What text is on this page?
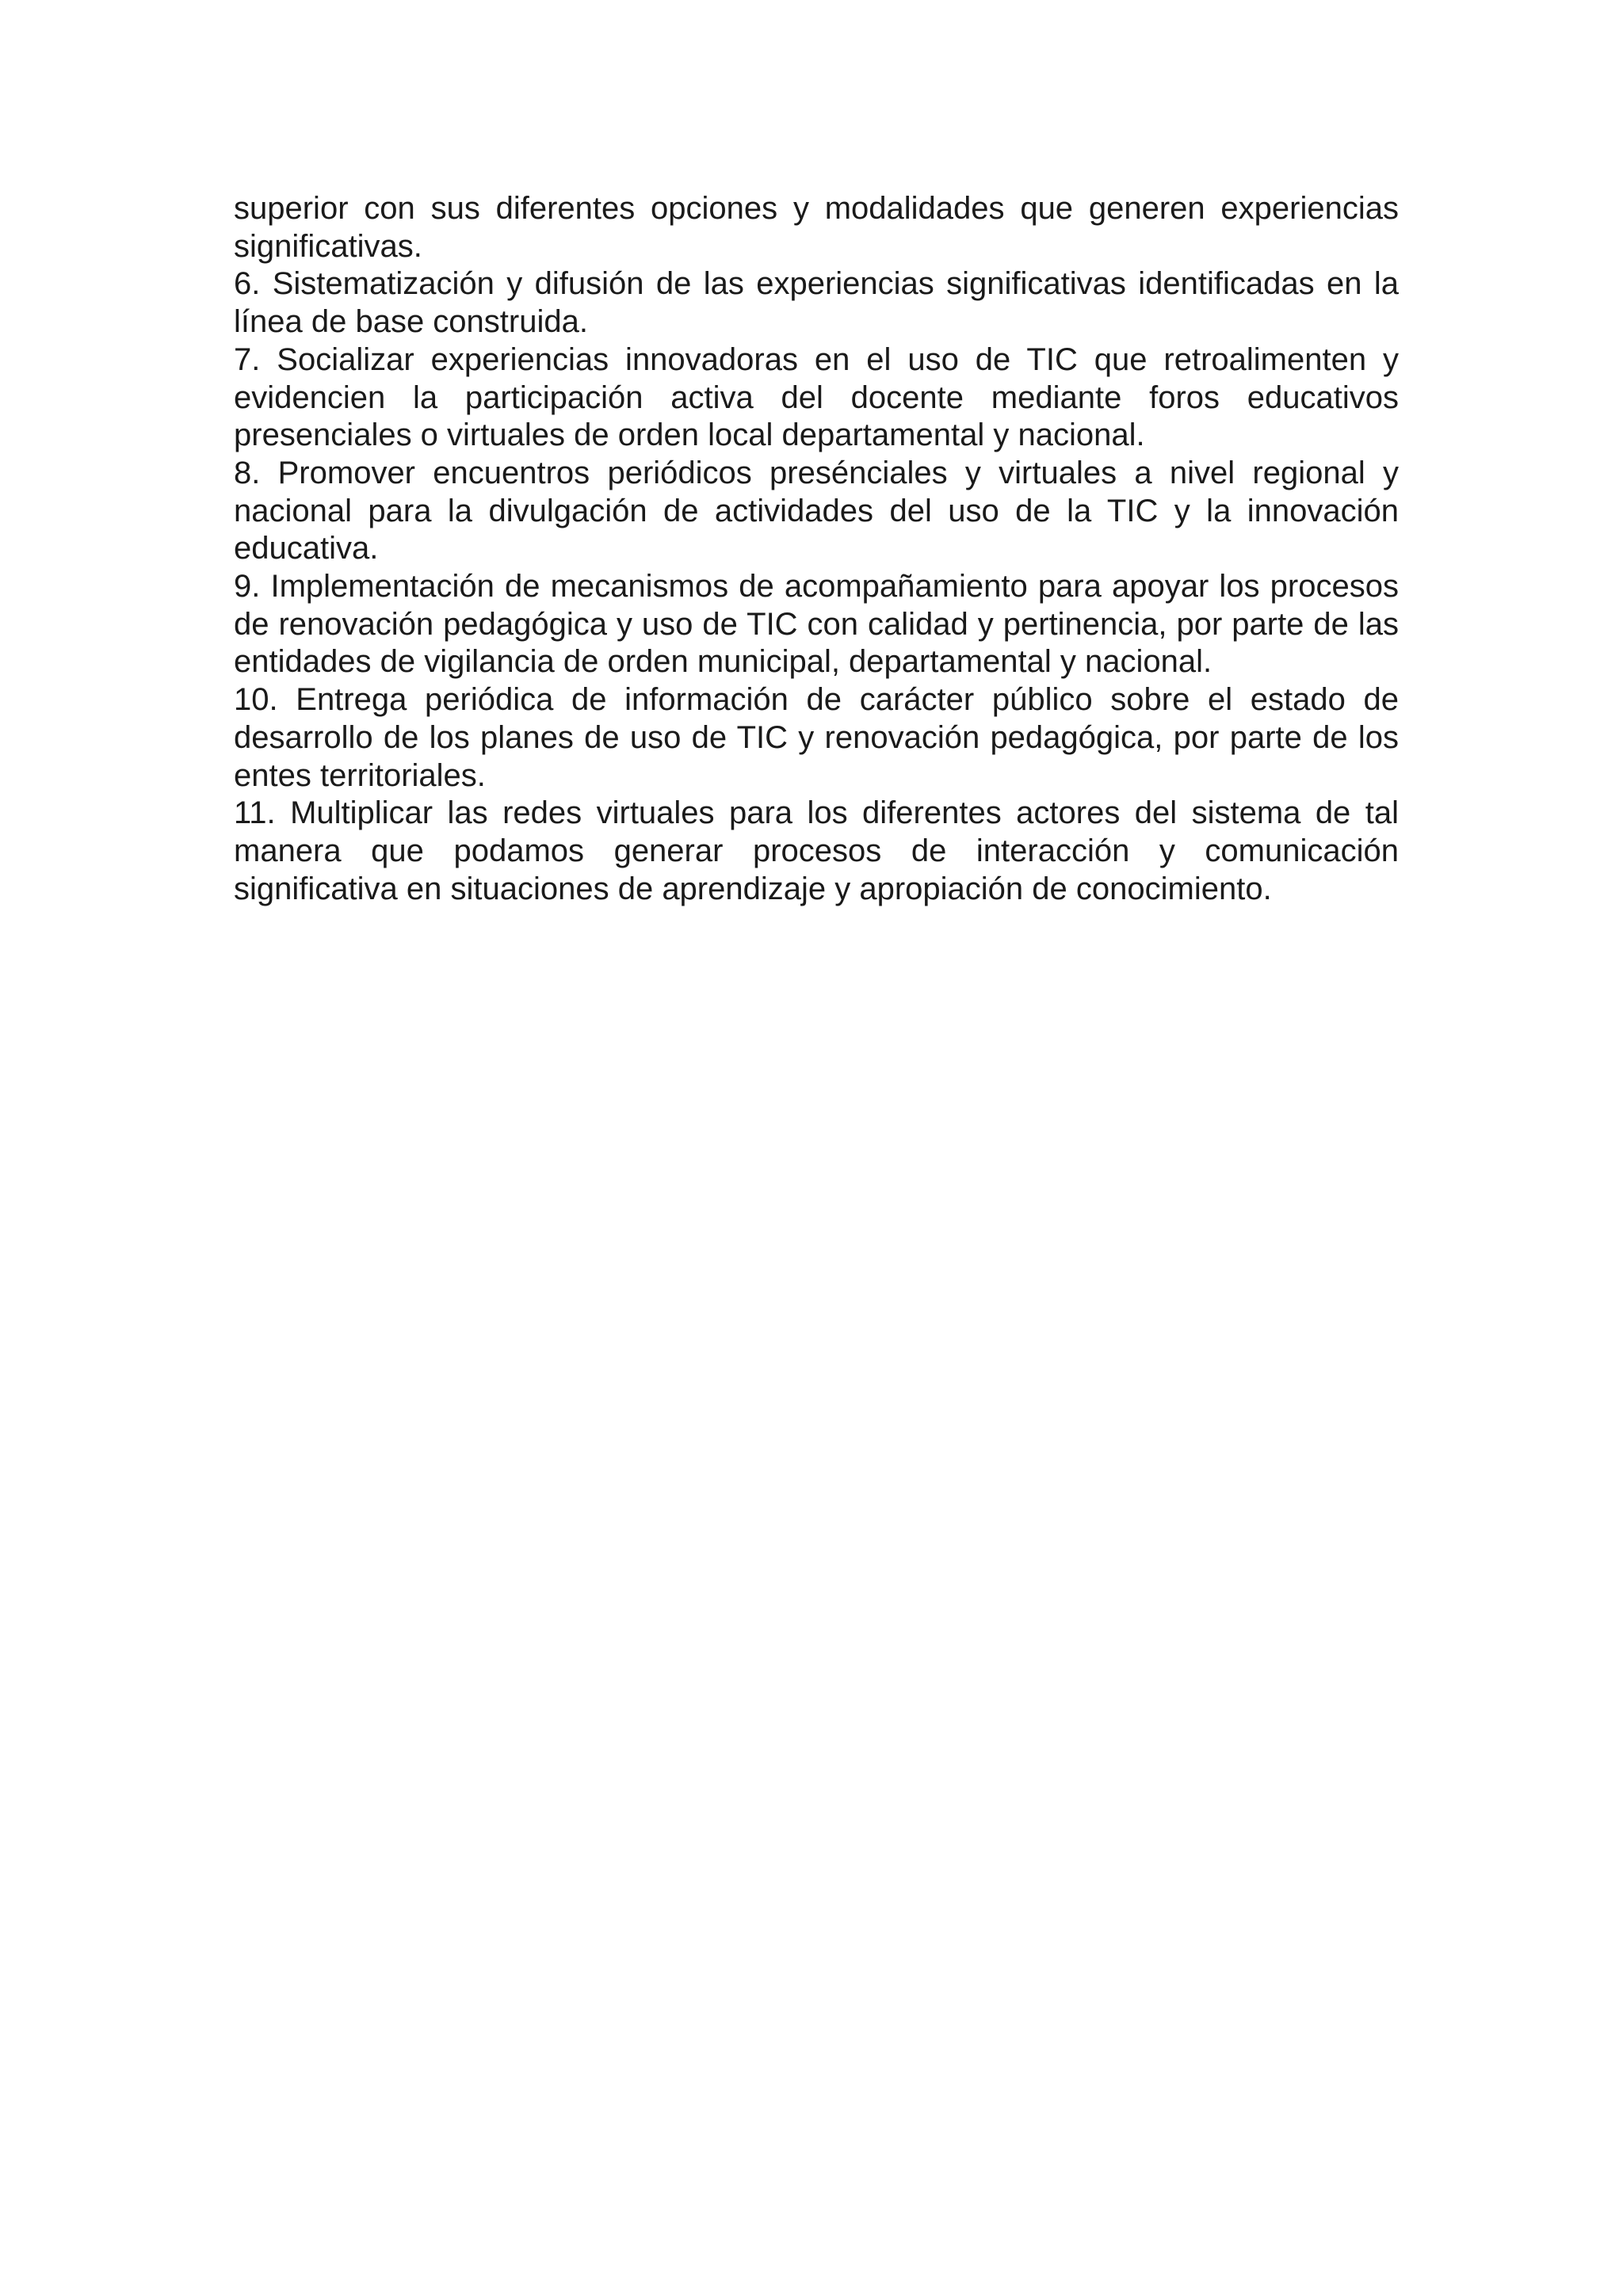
superior con sus diferentes opciones y modalidades que generen experiencias significativas.

6. Sistematización y difusión de las experiencias significativas identificadas en la línea de base construida.

7. Socializar experiencias innovadoras en el uso de TIC que retroalimenten y evidencien la participación activa del docente mediante foros educativos presenciales o virtuales de orden local departamental y nacional.

8. Promover encuentros periódicos presénciales y virtuales a nivel regional y nacional para la divulgación de actividades del uso de la TIC y la innovación educativa.

9. Implementación de mecanismos de acompañamiento para apoyar los procesos de renovación pedagógica y uso de TIC con calidad y pertinencia, por parte de las entidades de vigilancia de orden municipal, departamental y nacional.

10. Entrega periódica de información de carácter público sobre el estado de desarrollo de los planes de uso de TIC y renovación pedagógica, por parte de los entes territoriales.

11. Multiplicar las redes virtuales para los diferentes actores del sistema de tal manera que podamos generar procesos de interacción y comunicación significativa en situaciones de aprendizaje y apropiación de conocimiento.
